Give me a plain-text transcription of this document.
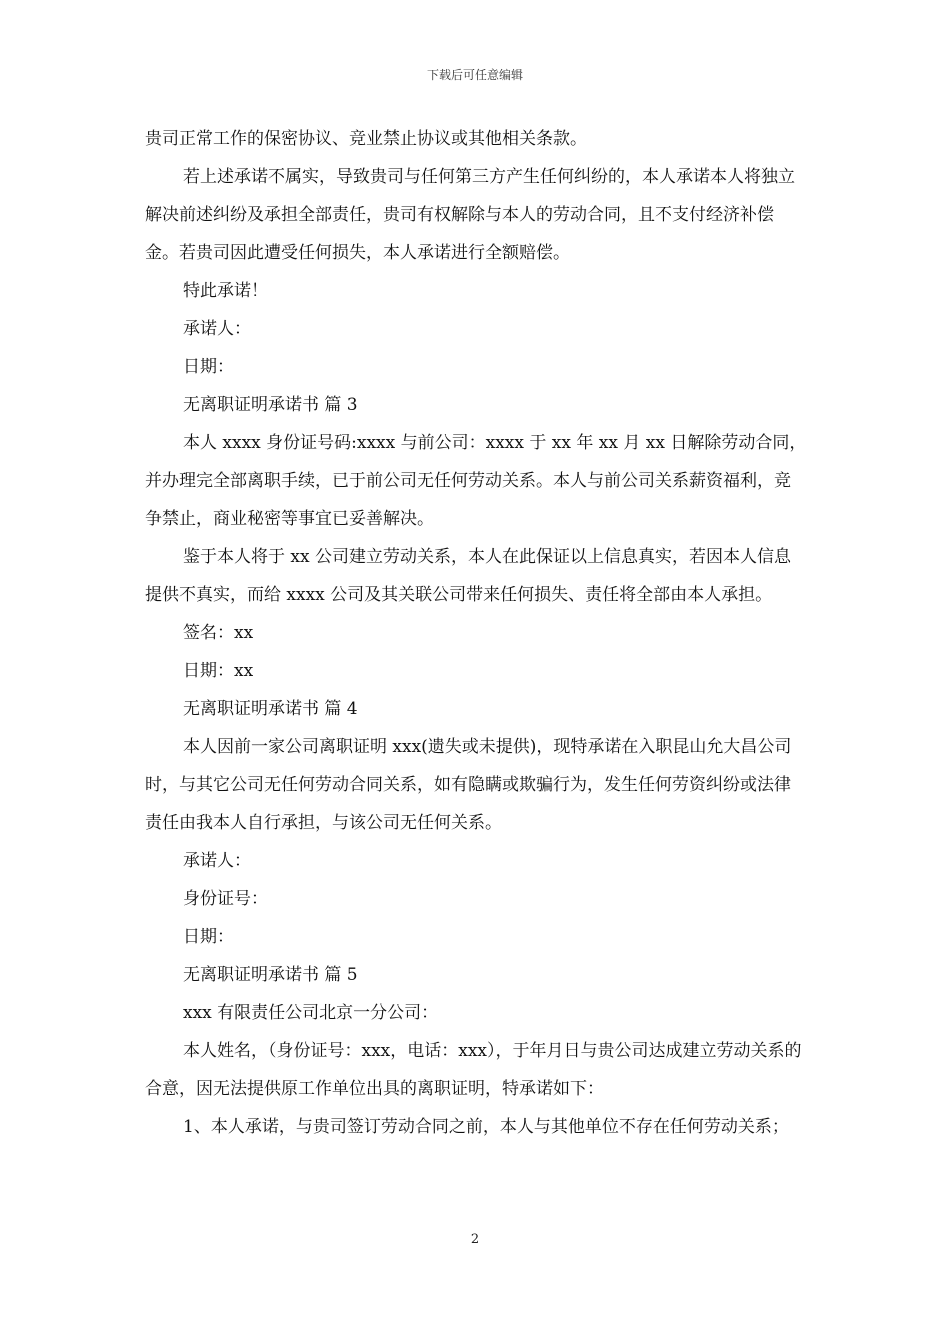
下载后可任意编辑

贵司正常工作的保密协议、竞业禁止协议或其他相关条款。

若上述承诺不属实，导致贵司与任何第三方产生任何纠纷的，本人承诺本人将独立解决前述纠纷及承担全部责任，贵司有权解除与本人的劳动合同，且不支付经济补偿金。若贵司因此遭受任何损失，本人承诺进行全额赔偿。

特此承诺！

承诺人：

日期：

无离职证明承诺书 篇 3

本人 xxxx 身份证号码:xxxx 与前公司：xxxx 于 xx 年 xx 月 xx 日解除劳动合同，并办理完全部离职手续，已于前公司无任何劳动关系。本人与前公司关系薪资福利，竞争禁止，商业秘密等事宜已妥善解决。

鉴于本人将于 xx 公司建立劳动关系，本人在此保证以上信息真实，若因本人信息提供不真实，而给 xxxx 公司及其关联公司带来任何损失、责任将全部由本人承担。

签名：xx

日期：xx

无离职证明承诺书 篇 4

本人因前一家公司离职证明 xxx(遗失或未提供)，现特承诺在入职昆山允大昌公司时，与其它公司无任何劳动合同关系，如有隐瞒或欺骗行为，发生任何劳资纠纷或法律责任由我本人自行承担，与该公司无任何关系。

承诺人：

身份证号：

日期：

无离职证明承诺书 篇 5

xxx 有限责任公司北京一分公司：

本人姓名，（身份证号：xxx，电话：xxx），于年月日与贵公司达成建立劳动关系的合意，因无法提供原工作单位出具的离职证明，特承诺如下：

1、本人承诺，与贵司签订劳动合同之前，本人与其他单位不存在任何劳动关系；

2
